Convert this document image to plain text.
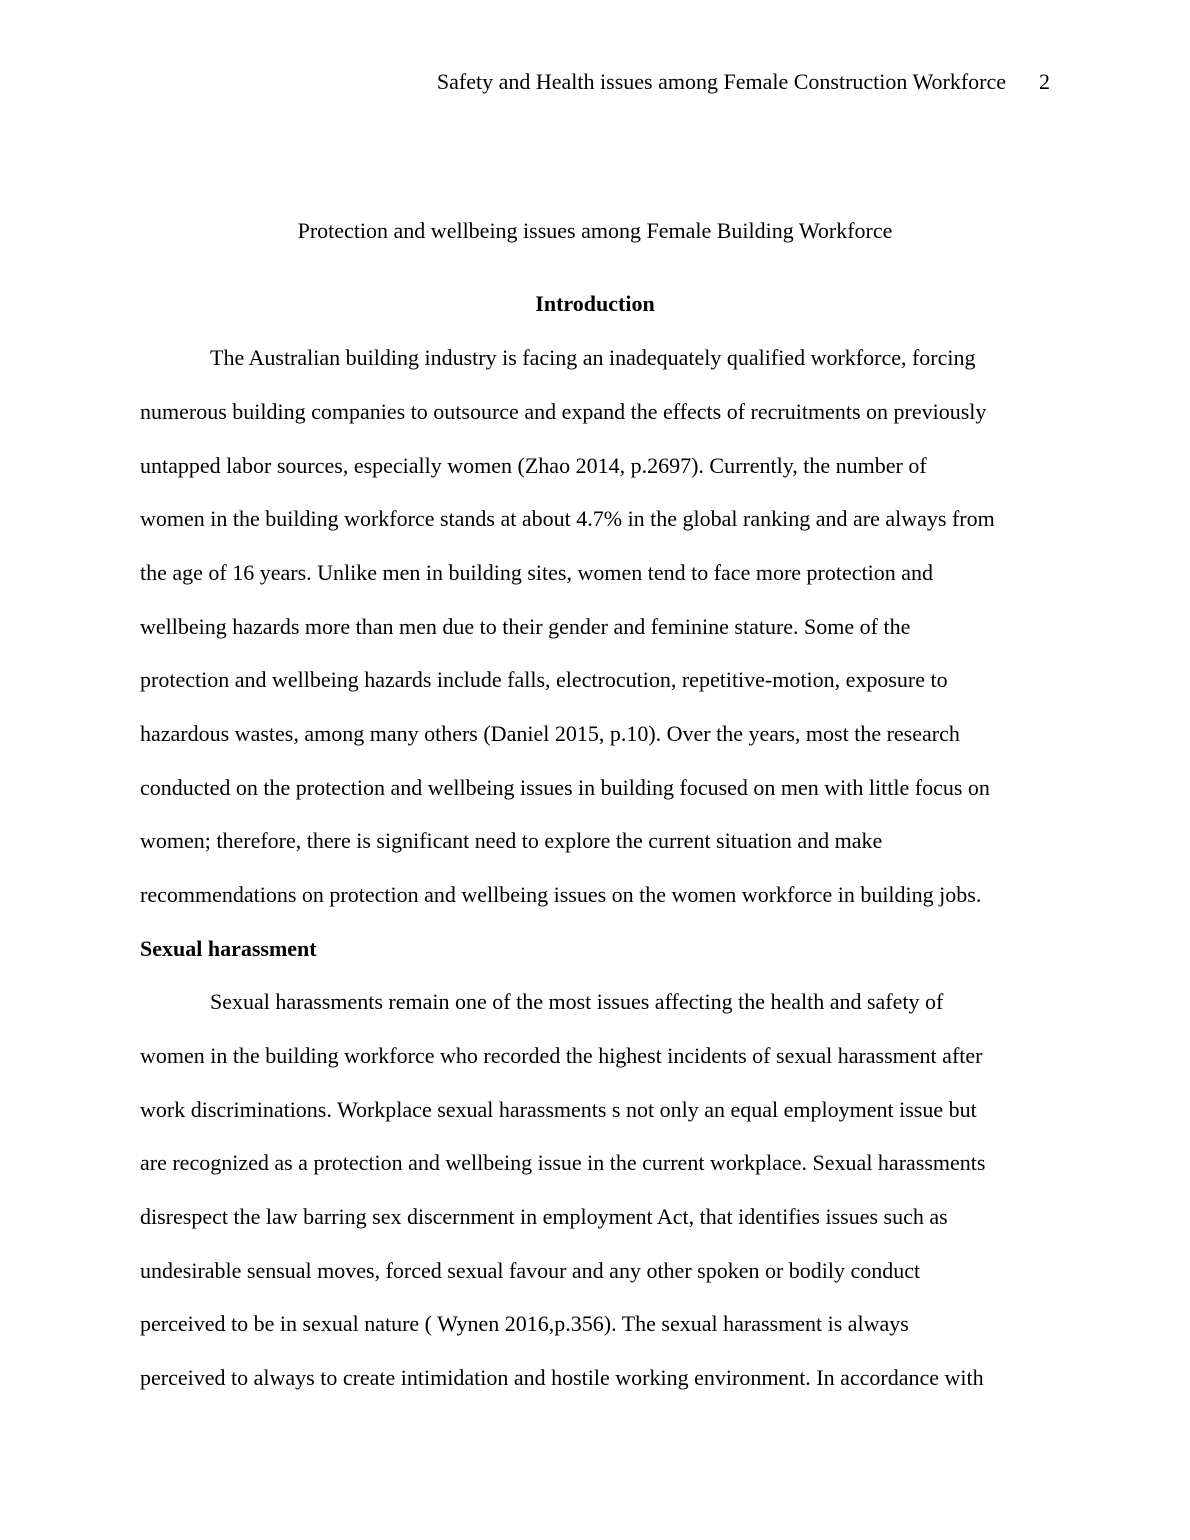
Safety and Health issues among Female Construction Workforce 2
Protection and wellbeing issues among Female Building Workforce
Introduction
The Australian building industry is facing an inadequately qualified workforce, forcing
numerous building companies to outsource and expand the effects of recruitments on previously
untapped labor sources, especially women (Zhao 2014, p.2697). Currently, the number of
women in the building workforce stands at about 4.7% in the global ranking and are always from
the age of 16 years. Unlike men in building sites, women tend to face more protection and
wellbeing hazards more than men due to their gender and feminine stature. Some of the
protection and wellbeing hazards include falls, electrocution, repetitive-motion, exposure to
hazardous wastes, among many others (Daniel 2015, p.10). Over the years, most the research
conducted on the protection and wellbeing issues in building focused on men with little focus on
women; therefore, there is significant need to explore the current situation and make
recommendations on protection and wellbeing issues on the women workforce in building jobs.
Sexual harassment
Sexual harassments remain one of the most issues affecting the health and safety of
women in the building workforce who recorded the highest incidents of sexual harassment after
work discriminations. Workplace sexual harassments s not only an equal employment issue but
are recognized as a protection and wellbeing issue in the current workplace. Sexual harassments
disrespect the law barring sex discernment in employment Act, that identifies issues such as
undesirable sensual moves, forced sexual favour and any other spoken or bodily conduct
perceived to be in sexual nature ( Wynen 2016,p.356). The sexual harassment is always
perceived to always to create intimidation and hostile working environment. In accordance with
